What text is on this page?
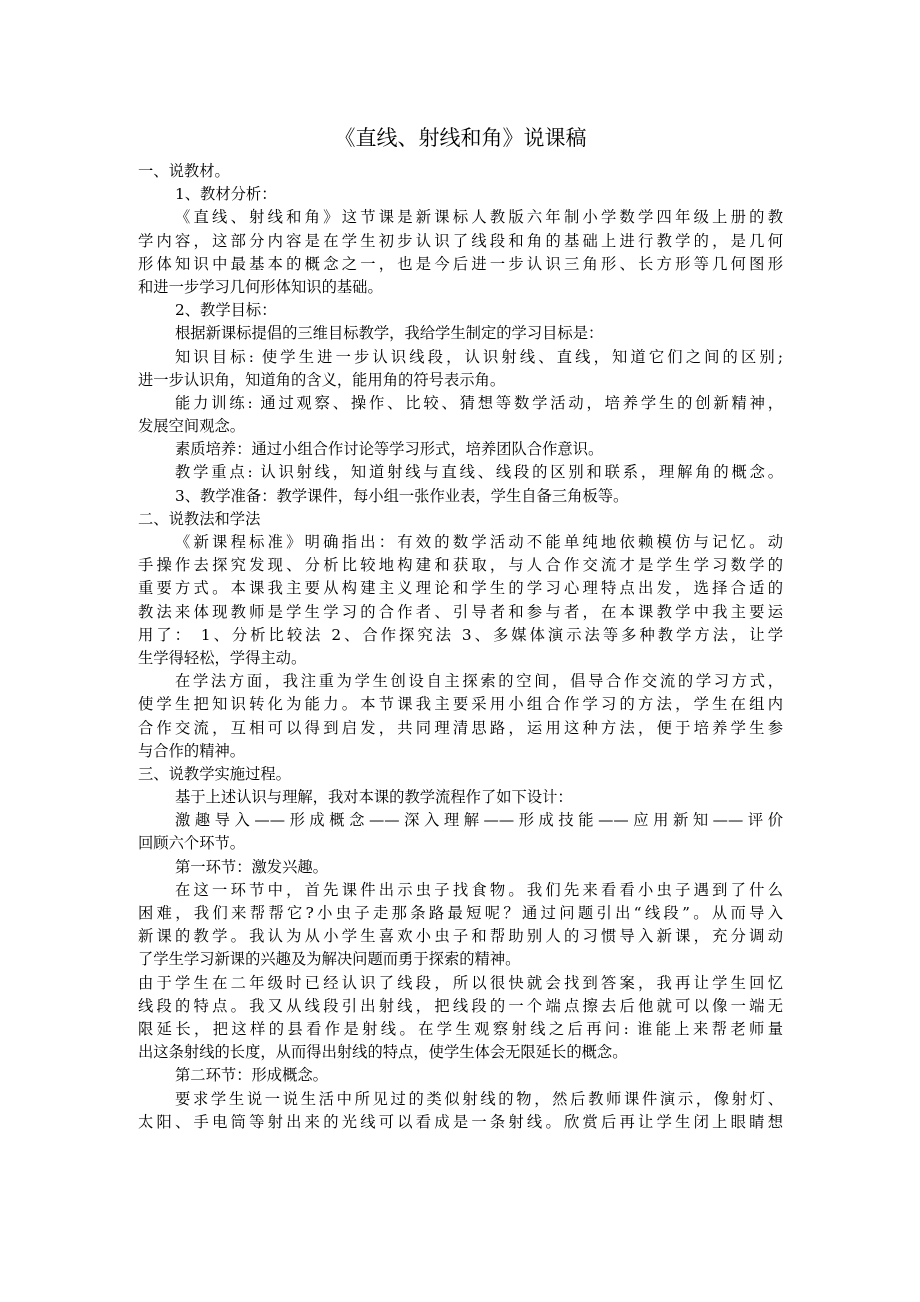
《直线、射线和角》说课稿
一、说教材。
1、教材分析：
《直线、射线和角》这节课是新课标人教版六年制小学数学四年级上册的教
学内容，这部分内容是在学生初步认识了线段和角的基础上进行教学的，是几何
形体知识中最基本的概念之一，也是今后进一步认识三角形、长方形等几何图形
和进一步学习几何形体知识的基础。
2、教学目标：
根据新课标提倡的三维目标教学，我给学生制定的学习目标是：
知识目标: 使学生进一步认识线段，认识射线、直线，知道它们之间的区别;
进一步认识角，知道角的含义，能用角的符号表示角。
能力训练: 通过观察、操作、比较、猜想等数学活动，培养学生的创新精神，
发展空间观念。
素质培养：通过小组合作讨论等学习形式，培养团队合作意识。
教学重点: 认识射线，知道射线与直线、线段的区别和联系，理解角的概念。
3、教学准备：教学课件，每小组一张作业表，学生自备三角板等。
二、说教法和学法
《新课程标准》明确指出：有效的数学活动不能单纯地依赖模仿与记忆。动
手操作去探究发现、分析比较地构建和获取，与人合作交流才是学生学习数学的
重要方式。本课我主要从构建主义理论和学生的学习心理特点出发，选择合适的
教法来体现教师是学生学习的合作者、引导者和参与者，在本课教学中我主要运
用了： 1、分析比较法 2、合作探究法 3、多媒体演示法等多种教学方法，让学
生学得轻松，学得主动。
在学法方面，我注重为学生创设自主探索的空间，倡导合作交流的学习方式，
使学生把知识转化为能力。本节课我主要采用小组合作学习的方法，学生在组内
合作交流，互相可以得到启发，共同理清思路，运用这种方法，便于培养学生参
与合作的精神。
三、说教学实施过程。
基于上述认识与理解，我对本课的教学流程作了如下设计：
激趣导入——形成概念——深入理解——形成技能——应用新知——评价
回顾六个环节。
第一环节：激发兴趣。
在这一环节中，首先课件出示虫子找食物。我们先来看看小虫子遇到了什么
困难，我们来帮帮它?小虫子走那条路最短呢？通过问题引出“线段”。从而导入
新课的教学。我认为从小学生喜欢小虫子和帮助别人的习惯导入新课，充分调动
了学生学习新课的兴趣及为解决问题而勇于探索的精神。
由于学生在二年级时已经认识了线段，所以很快就会找到答案，我再让学生回忆
线段的特点。我又从线段引出射线，把线段的一个端点擦去后他就可以像一端无
限延长，把这样的县看作是射线。在学生观察射线之后再问: 谁能上来帮老师量
出这条射线的长度，从而得出射线的特点，使学生体会无限延长的概念。
第二环节：形成概念。
要求学生说一说生活中所见过的类似射线的物，然后教师课件演示，像射灯、
太阳、手电筒等射出来的光线可以看成是一条射线。欣赏后再让学生闭上眼睛想
